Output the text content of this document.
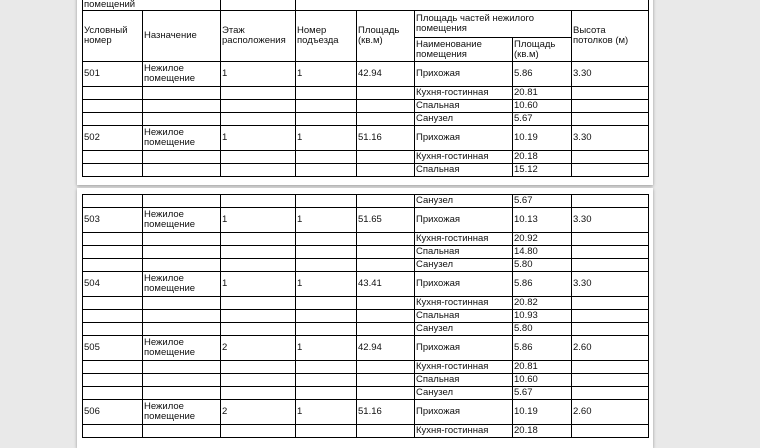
помещений		
Условный номер	Назначение	Этаж расположения	Номер подъезда	Площадь (кв.м)	Площадь частей нежилого помещения		Высота потолков (м)
					Наименование помещения	Площадь (кв.м)	
501	Нежилое помещение	1	1	42.94	Прихожая	5.86	3.30
					Кухня-гостинная	20.81	
					Спальная	10.60	
					Санузел	5.67	
502	Нежилое помещение	1	1	51.16	Прихожая	10.19	3.30
					Кухня-гостинная	20.18	
					Спальная	15.12	
					Санузел	5.67	
503	Нежилое помещение	1	1	51.65	Прихожая	10.13	3.30
					Кухня-гостинная	20.92	
					Спальная	14.80	
					Санузел	5.80	
504	Нежилое помещение	1	1	43.41	Прихожая	5.86	3.30
					Кухня-гостинная	20.82	
					Спальная	10.93	
					Санузел	5.80	
505	Нежилое помещение	2	1	42.94	Прихожая	5.86	2.60
					Кухня-гостинная	20.81	
					Спальная	10.60	
					Санузел	5.67	
506	Нежилое помещение	2	1	51.16	Прихожая	10.19	2.60
					Кухня-гостинная	20.18	
